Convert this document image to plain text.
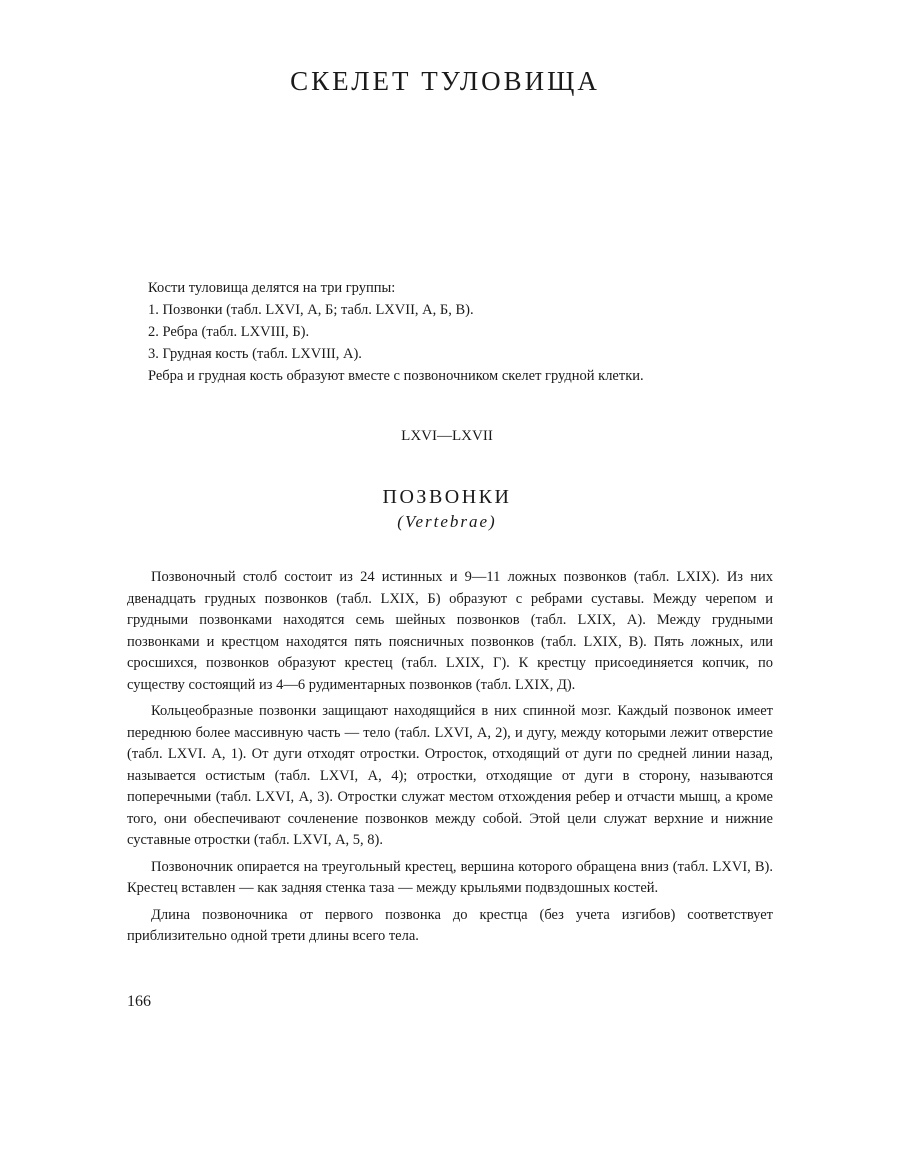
СКЕЛЕТ ТУЛОВИЩА

Кости туловища делятся на три группы:

1. Позвонки (табл. LXVI, А, Б; табл. LXVII, А, Б, В).

2. Ребра (табл. LXVIII, Б).

3. Грудная кость (табл. LXVIII, А).

Ребра и грудная кость образуют вместе с позвоночником скелет грудной клетки.

LXVI—LXVII
ПОЗВОНКИ
(Vertebrae)

Позвоночный столб состоит из 24 истинных и 9—11 ложных позвонков (табл. LXIX). Из них двенадцать грудных позвонков (табл. LXIX, Б) образуют с ребрами суставы. Между черепом и грудными позвонками находятся семь шейных позвонков (табл. LXIX, А). Между грудными позвонками и крестцом находятся пять поясничных позвонков (табл. LXIX, В). Пять ложных, или сросшихся, позвонков образуют крестец (табл. LXIX, Г). К крестцу присоединяется копчик, по существу состоящий из 4—6 рудиментарных позвонков (табл. LXIX, Д).

Кольцеобразные позвонки защищают находящийся в них спинной мозг. Каждый позвонок имеет переднюю более массивную часть — тело (табл. LXVI, А, 2), и дугу, между которыми лежит отверстие (табл. LXVI. А, 1). От дуги отходят отростки. Отросток, отходящий от дуги по средней линии назад, называется остистым (табл. LXVI, А, 4); отростки, отходящие от дуги в сторону, называются поперечными (табл. LXVI, А, 3). Отростки служат местом отхождения ребер и отчасти мышц, а кроме того, они обеспечивают сочленение позвонков между собой. Этой цели служат верхние и нижние суставные отростки (табл. LXVI, А, 5, 8).

Позвоночник опирается на треугольный крестец, вершина которого обращена вниз (табл. LXVI, В). Крестец вставлен — как задняя стенка таза — между крыльями подвздошных костей.

Длина позвоночника от первого позвонка до крестца (без учета изгибов) соответствует приблизительно одной трети длины всего тела.

166
